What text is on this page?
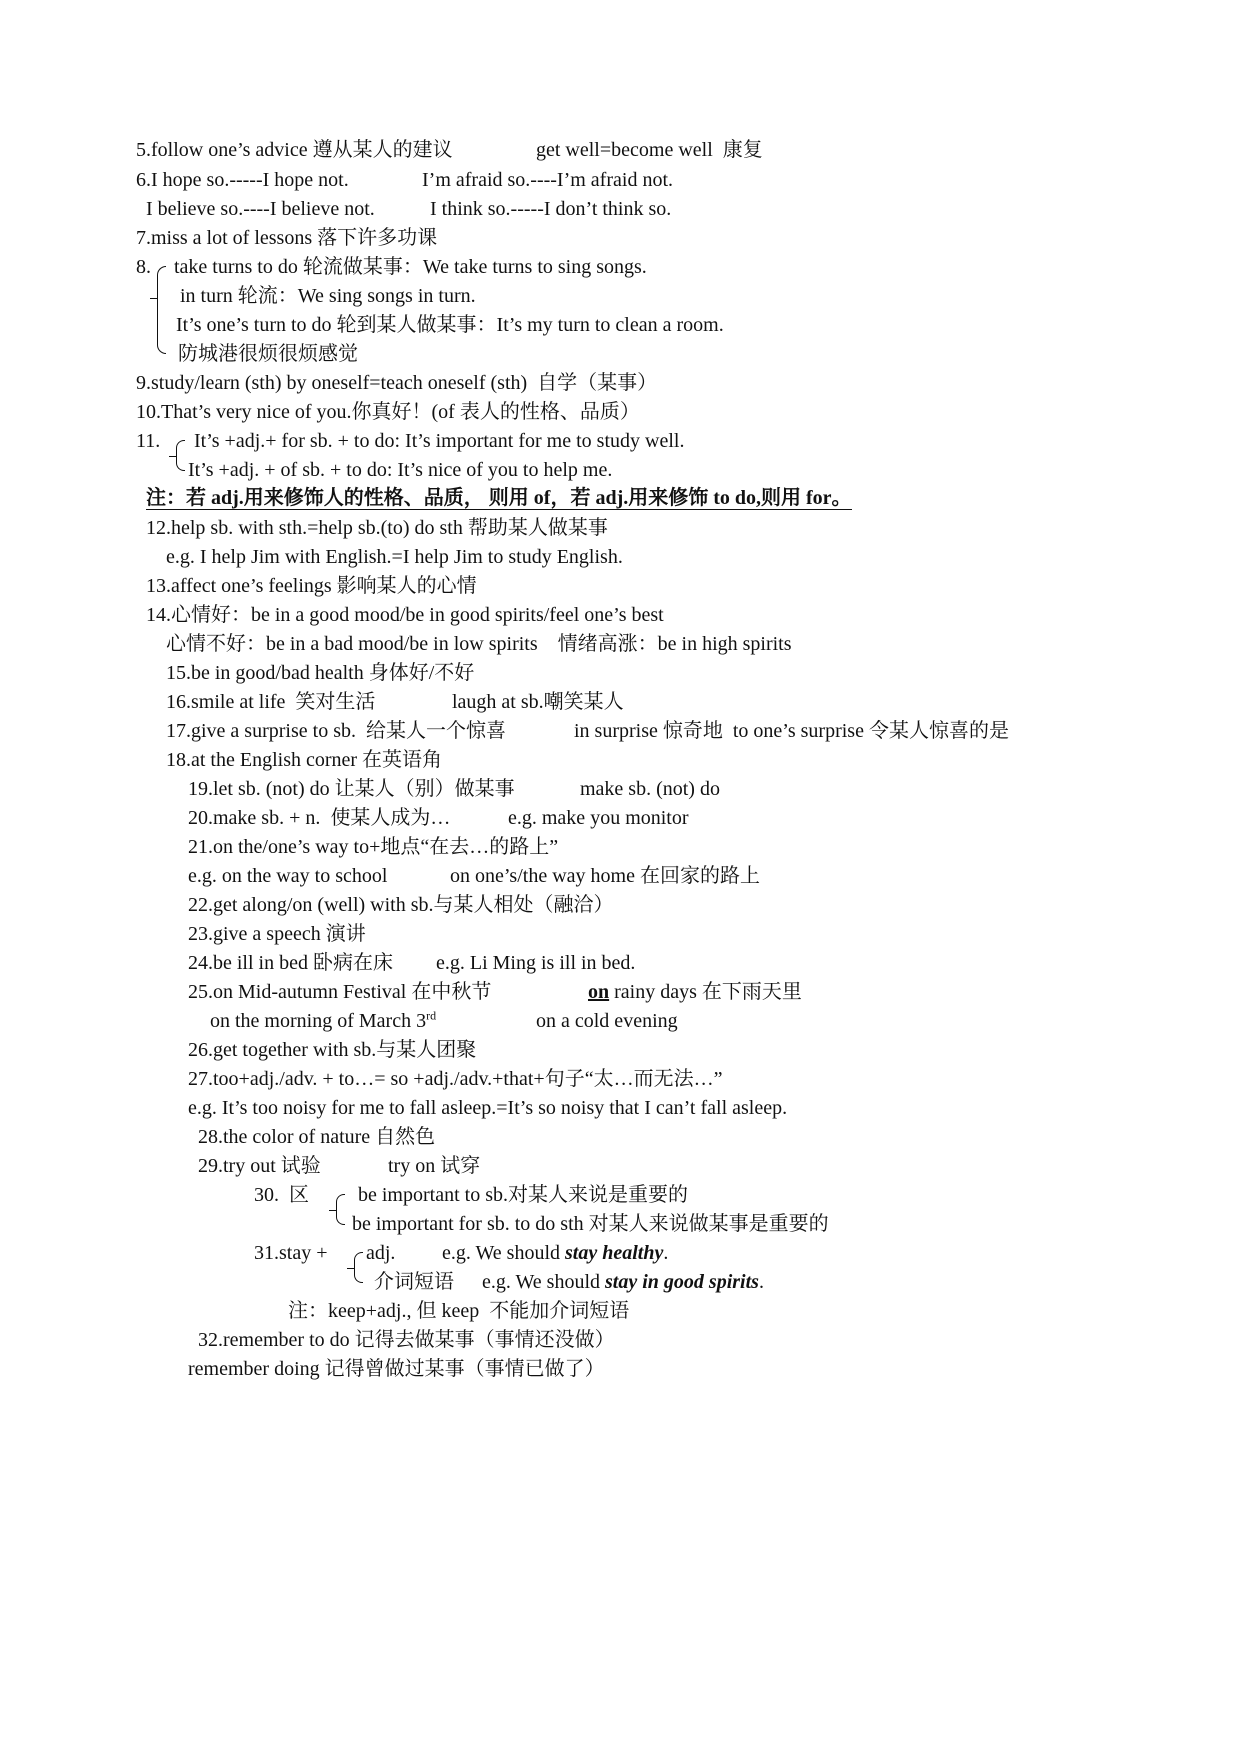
5.follow one’s advice 遵从某人的建议	get well=become well  康复
6.I hope so.-----I hope not.	I’m afraid so.----I’m afraid not.
I believe so.----I believe not.	I think so.-----I don’t think so.
7.miss a lot of lessons 落下许多功课
8. take turns to do 轮流做某事：We take turns to sing songs.
in turn 轮流：We sing songs in turn.
It’s one’s turn to do 轮到某人做某事：It’s my turn to clean a room.
防城港很烦很烦感觉
9.study/learn (sth) by oneself=teach oneself (sth)  自学（某事）
10.That’s very nice of you.你真好！(of 表人的性格、品质）
11. It’s +adj.+ for sb. + to do: It’s important for me to study well.
It’s +adj. + of sb. + to do: It’s nice of you to help me.
注：若 adj.用来修饰人的性格、品质， 则用 of，若 adj.用来修饰 to do,则用 for。
12.help sb. with sth.=help sb.(to) do sth 帮助某人做某事
e.g. I help Jim with English.=I help Jim to study English.
13.affect one’s feelings 影响某人的心情
14.心情好：be in a good mood/be in good spirits/feel one’s best
心情不好：be in a bad mood/be in low spirits    情绪高涨：be in high spirits
15.be in good/bad health 身体好/不好
16.smile at life  笑对生活	laugh at sb.嘲笑某人
17.give a surprise to sb.  给某人一个惊喜	in surprise 惊奇地  to one’s surprise 令某人惊喜的是
18.at the English corner 在英语角
19.let sb. (not) do 让某人（别）做某事	make sb. (not) do
20.make sb. + n.  使某人成为…	e.g. make you monitor
21.on the/one’s way to+地点“在去…的路上”
e.g. on the way to school	on one’s/the way home 在回家的路上
22.get along/on (well) with sb.与某人相处（融洽）
23.give a speech 演讲
24.be ill in bed 卧病在床 e.g. Li Ming is ill in bed.
25.on Mid-autumn Festival 在中秋节	on rainy days 在下雨天里
on the morning of March 3rd	on a cold evening
26.get together with sb.与某人团聚
27.too+adj./adv. + to…= so +adj./adv.+that+句子“太…而无法…”
e.g. It’s too noisy for me to fall asleep.=It’s so noisy that I can’t fall asleep.
28.the color of nature 自然色
29.try out 试验	try on 试穿
30.  区 be important to sb.对某人来说是重要的
be important for sb. to do sth 对某人来说做某事是重要的
31.stay + adj. e.g. We should stay healthy.
介词短语 e.g. We should stay in good spirits.
注：keep+adj., 但 keep  不能加介词短语
32.remember to do 记得去做某事（事情还没做）
remember doing 记得曾做过某事（事情已做了）
